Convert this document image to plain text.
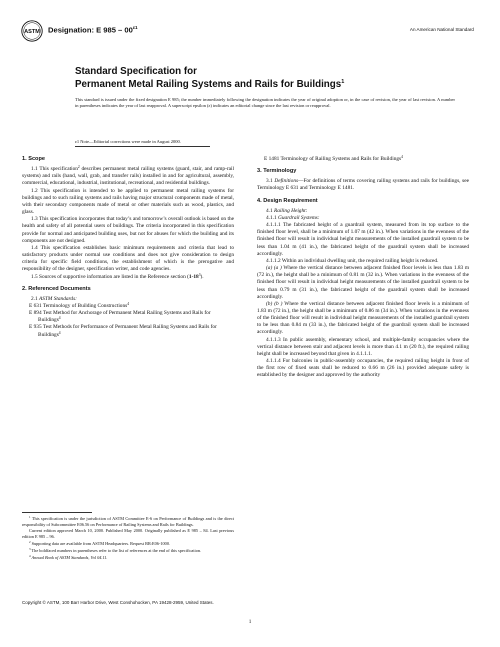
ASTM Designation: E $985 - 00^{\varepsilon 1}$	An American National Standard
Standard Specification for
Permanent Metal Railing Systems and Rails for Buildings$^1$
This standard is issued under the fixed designation E 985; the number immediately following the designation indicates the year of original adoption or, in the case of revision, the year of last revision. A number in parentheses indicates the year of last reapproval. A superscript epsilon (ε) indicates an editorial change since the last revision or reapproval.
ε1 Note—Editorial corrections were made in August 2000.

1. Scope

1.1 This specification$^2$ describes permanent metal railing systems (guard, stair, and ramp-rail systems) and rails (hand, wall, grab, and transfer rails) installed in and for agricultural, assembly, commercial, educational, industrial, institutional, recreational, and residential buildings.

1.2 This specification is intended to be applied to permanent metal railing systems for buildings and to such railing systems and rails having major structural components made of metal, with their secondary components made of metal or other materials such as wood, plastics, and glass.

1.3 This specification incorporates that today’s and tomorrow’s overall outlook is based on the health and safety of all potential users of buildings. The criteria incorporated in this specification provide for normal and anticipated building uses, but not for abuses for which the building and its components are not designed.

1.4 This specification establishes basic minimum requirements and criteria that lead to satisfactory products under normal use conditions and does not give consideration to design criteria for specific field conditions, the establishment of which is the prerogative and responsibility of the designer, specification writer, and code agencies.

1.5 Sources of supportive information are listed in the Reference section $(1-18^3)$.

2. Referenced Documents

2.1 ASTM Standards:

E 631 Terminology of Building Constructions$^4$

E 894 Test Method for Anchorage of Permanent Metal Railing Systems and Rails for Buildings$^4$

E 935 Test Methods for Performance of Permanent Metal Railing Systems and Rails for Buildings$^4$

E 1481 Terminology of Railing Systems and Rails for Buildings$^4$

3. Terminology

3.1 Definitions—For definitions of terms covering railing systems and rails for buildings, see Terminology E 631 and Terminology E 1481.

4. Design Requirement

4.1 Railing Height:

4.1.1 Guardrail Systems:

4.1.1.1 The fabricated height of a guardrail system, measured from its top surface to the finished floor level, shall be a minimum of 1.07 m (42 in.). When variations in the evenness of the finished floor will result in individual height measurements of the installed guardrail system to be less than 1.04 m (41 in.), the fabricated height of the guardrail system shall be increased accordingly.

4.1.1.2 Within an individual dwelling unit, the required railing height is reduced.

(a) (a ) Where the vertical distance between adjacent finished floor levels is less than 1.83 m (72 in.), the height shall be a minimum of 0.81 m (32 in.). When variations in the evenness of the finished floor will result in individual height measurements of the installed guardrail system to be less than 0.79 m (31 in.), the fabricated height of the guardrail system shall be increased accordingly.

(b) (b ) Where the vertical distance between adjacent finished floor levels is a minimum of 1.83 m (72 in.), the height shall be a minimum of 0.86 m (34 in.). When variations in the evenness of the finished floor will result in individual height measurements of the installed guardrail system to be less than 0.84 m (33 in.), the fabricated height of the guardrail system shall be increased accordingly.

4.1.1.3 In public assembly, elementary school, and multiple-family occupancies where the vertical distance between stair and adjacent levels is more than 4.1 m (20 ft.), the required railing height shall be increased beyond that given in 4.1.1.1.

4.1.1.4 For balconies in public-assembly occupancies, the required railing height in front of the first row of fixed seats shall be reduced to 0.66 m (26 in.) provided adequate safety is established by the designer and approved by the authority

$^1$ This specification is under the jurisdiction of ASTM Committee E-6 on Performance of Buildings and is the direct responsibility of Subcommittee E06.56 on Performance of Railing Systems and Rails for Buildings.

Current edition approved March 10, 2000. Published May 2000. Originally published as E 985 – 84. Last previous edition E 985 – 96.

$^2$ Supporting data are available from ASTM Headquarters. Request RR:E06-1000.

$^3$ The boldfaced numbers in parentheses refer to the list of references at the end of this specification.

$^4$ Annual Book of ASTM Standards, Vol 04.11.

Copyright © ASTM, 100 Barr Harbor Drive, West Conshohocken, PA 19428-2959, United States.
1
